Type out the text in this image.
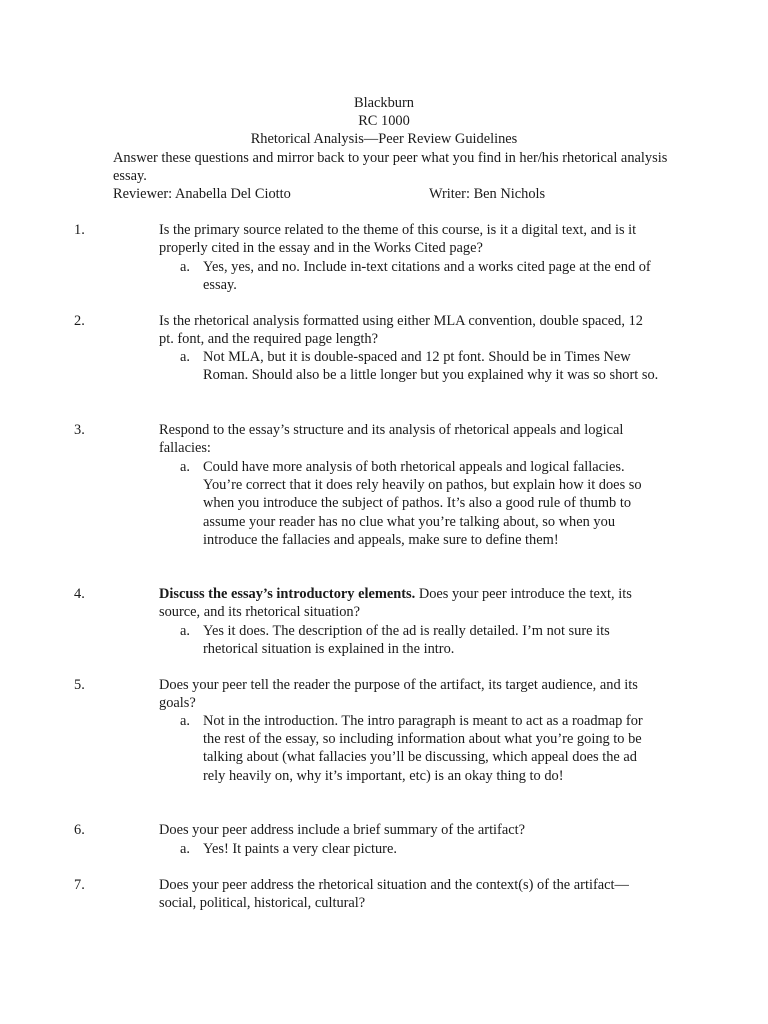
Blackburn
RC 1000
Rhetorical Analysis—Peer Review Guidelines
Answer these questions and mirror back to your peer what you find in her/his rhetorical analysis essay.
Reviewer: Anabella Del Ciotto	Writer: Ben Nichols
1.	Is the primary source related to the theme of this course, is it a digital text, and is it properly cited in the essay and in the Works Cited page?
a. Yes, yes, and no. Include in-text citations and a works cited page at the end of essay.
2.	Is the rhetorical analysis formatted using either MLA convention, double spaced, 12 pt. font, and the required page length?
a. Not MLA, but it is double-spaced and 12 pt font. Should be in Times New Roman. Should also be a little longer but you explained why it was so short so.
3.	Respond to the essay’s structure and its analysis of rhetorical appeals and logical fallacies:
a. Could have more analysis of both rhetorical appeals and logical fallacies. You’re correct that it does rely heavily on pathos, but explain how it does so when you introduce the subject of pathos. It’s also a good rule of thumb to assume your reader has no clue what you’re talking about, so when you introduce the fallacies and appeals, make sure to define them!
4.	Discuss the essay’s introductory elements. Does your peer introduce the text, its source, and its rhetorical situation?
a. Yes it does. The description of the ad is really detailed. I’m not sure its rhetorical situation is explained in the intro.
5.	Does your peer tell the reader the purpose of the artifact, its target audience, and its goals?
a. Not in the introduction. The intro paragraph is meant to act as a roadmap for the rest of the essay, so including information about what you’re going to be talking about (what fallacies you’ll be discussing, which appeal does the ad rely heavily on, why it’s important, etc) is an okay thing to do!
6.	Does your peer address include a brief summary of the artifact?
a. Yes! It paints a very clear picture.
7.	Does your peer address the rhetorical situation and the context(s) of the artifact—social, political, historical, cultural?
